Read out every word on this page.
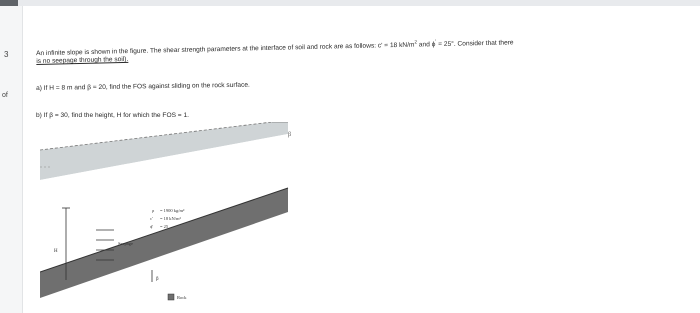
3
of
An infinite slope is shown in the figure. The shear strength parameters at the interface of soil and rock are as follows: c' = 18 $kN/m^2$ and ϕ' = 25°. Consider that there
is no seepage through the soil).
a) If H = 8 m and β = 20, find the FOS against sliding on the rock surface.
b) If β = 30, find the height, H for which the FOS = 1.
β
H
Seepage
ρ = 1900 kg/m³
c' = 18 kN/m²
ϕ' = 25
β
Rock
